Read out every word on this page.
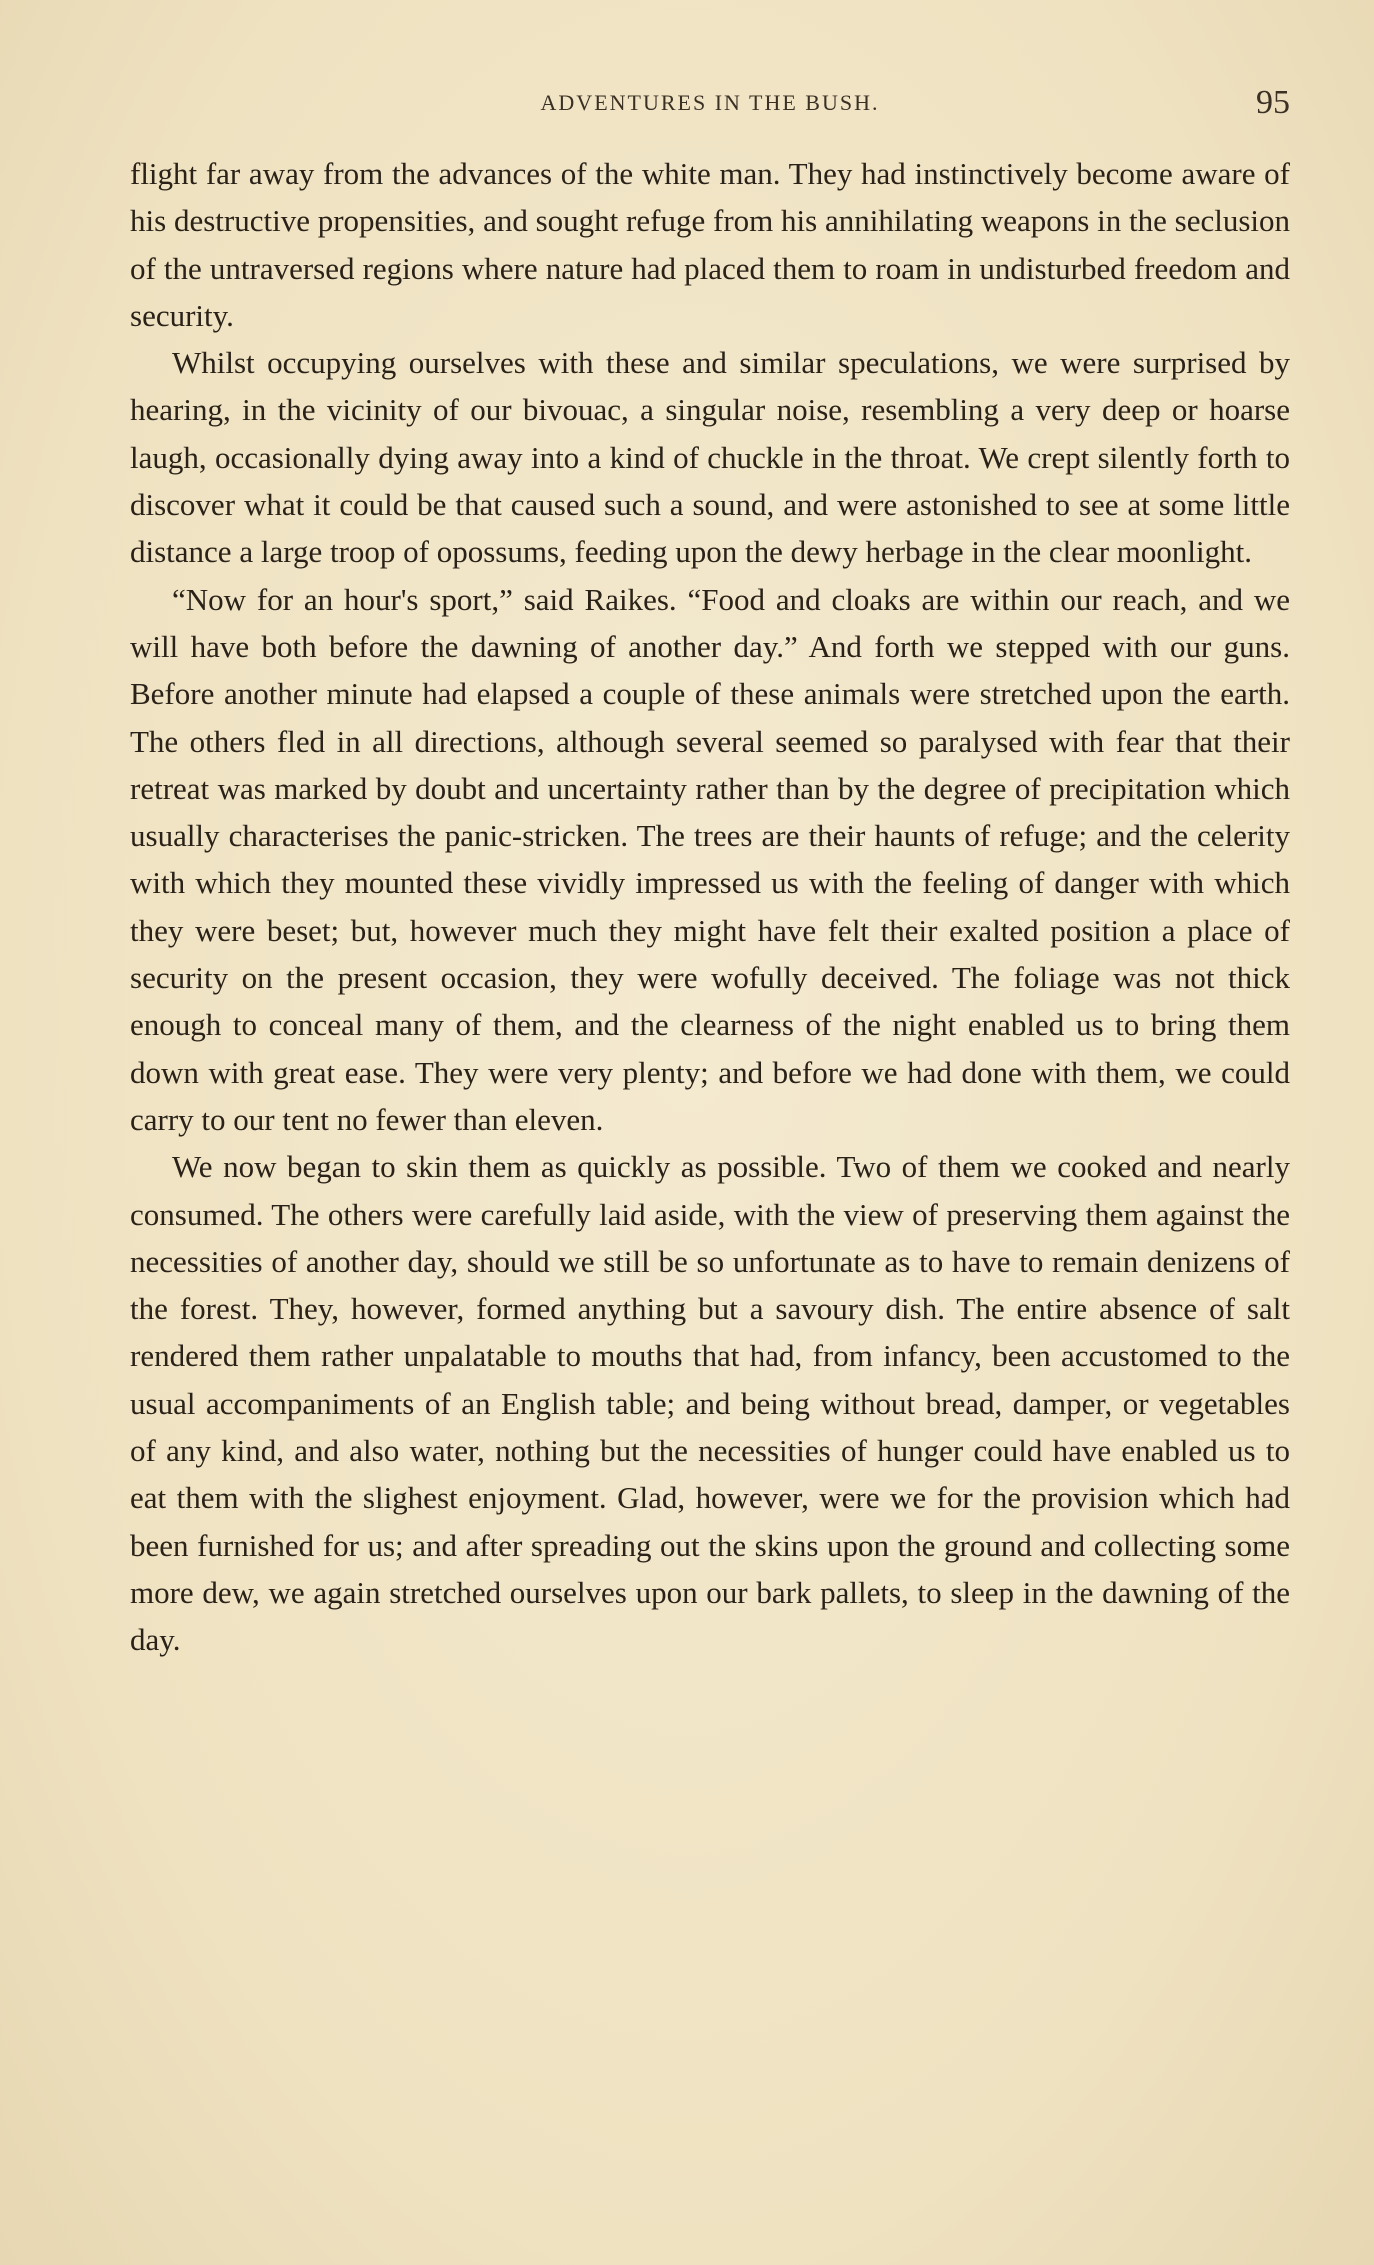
ADVENTURES IN THE BUSH.	95

flight far away from the advances of the white man. They had instinctively become aware of his destructive propensities, and sought refuge from his annihilating weapons in the seclusion of the untraversed regions where nature had placed them to roam in undisturbed freedom and security.

Whilst occupying ourselves with these and similar speculations, we were surprised by hearing, in the vicinity of our bivouac, a singular noise, resembling a very deep or hoarse laugh, occasionally dying away into a kind of chuckle in the throat. We crept silently forth to discover what it could be that caused such a sound, and were astonished to see at some little distance a large troop of opossums, feeding upon the dewy herbage in the clear moonlight.

“Now for an hour's sport,” said Raikes. “Food and cloaks are within our reach, and we will have both before the dawning of another day.” And forth we stepped with our guns. Before another minute had elapsed a couple of these animals were stretched upon the earth. The others fled in all directions, although several seemed so paralysed with fear that their retreat was marked by doubt and uncertainty rather than by the degree of precipitation which usually characterises the panic-stricken. The trees are their haunts of refuge; and the celerity with which they mounted these vividly impressed us with the feeling of danger with which they were beset; but, however much they might have felt their exalted position a place of security on the present occasion, they were wofully deceived. The foliage was not thick enough to conceal many of them, and the clearness of the night enabled us to bring them down with great ease. They were very plenty; and before we had done with them, we could carry to our tent no fewer than eleven.

We now began to skin them as quickly as possible. Two of them we cooked and nearly consumed. The others were carefully laid aside, with the view of preserving them against the necessities of another day, should we still be so unfortunate as to have to remain denizens of the forest. They, however, formed anything but a savoury dish. The entire absence of salt rendered them rather unpalatable to mouths that had, from infancy, been accustomed to the usual accompaniments of an English table; and being without bread, damper, or vegetables of any kind, and also water, nothing but the necessities of hunger could have enabled us to eat them with the slighest enjoyment. Glad, however, were we for the provision which had been furnished for us; and after spreading out the skins upon the ground and collecting some more dew, we again stretched ourselves upon our bark pallets, to sleep in the dawning of the day.
